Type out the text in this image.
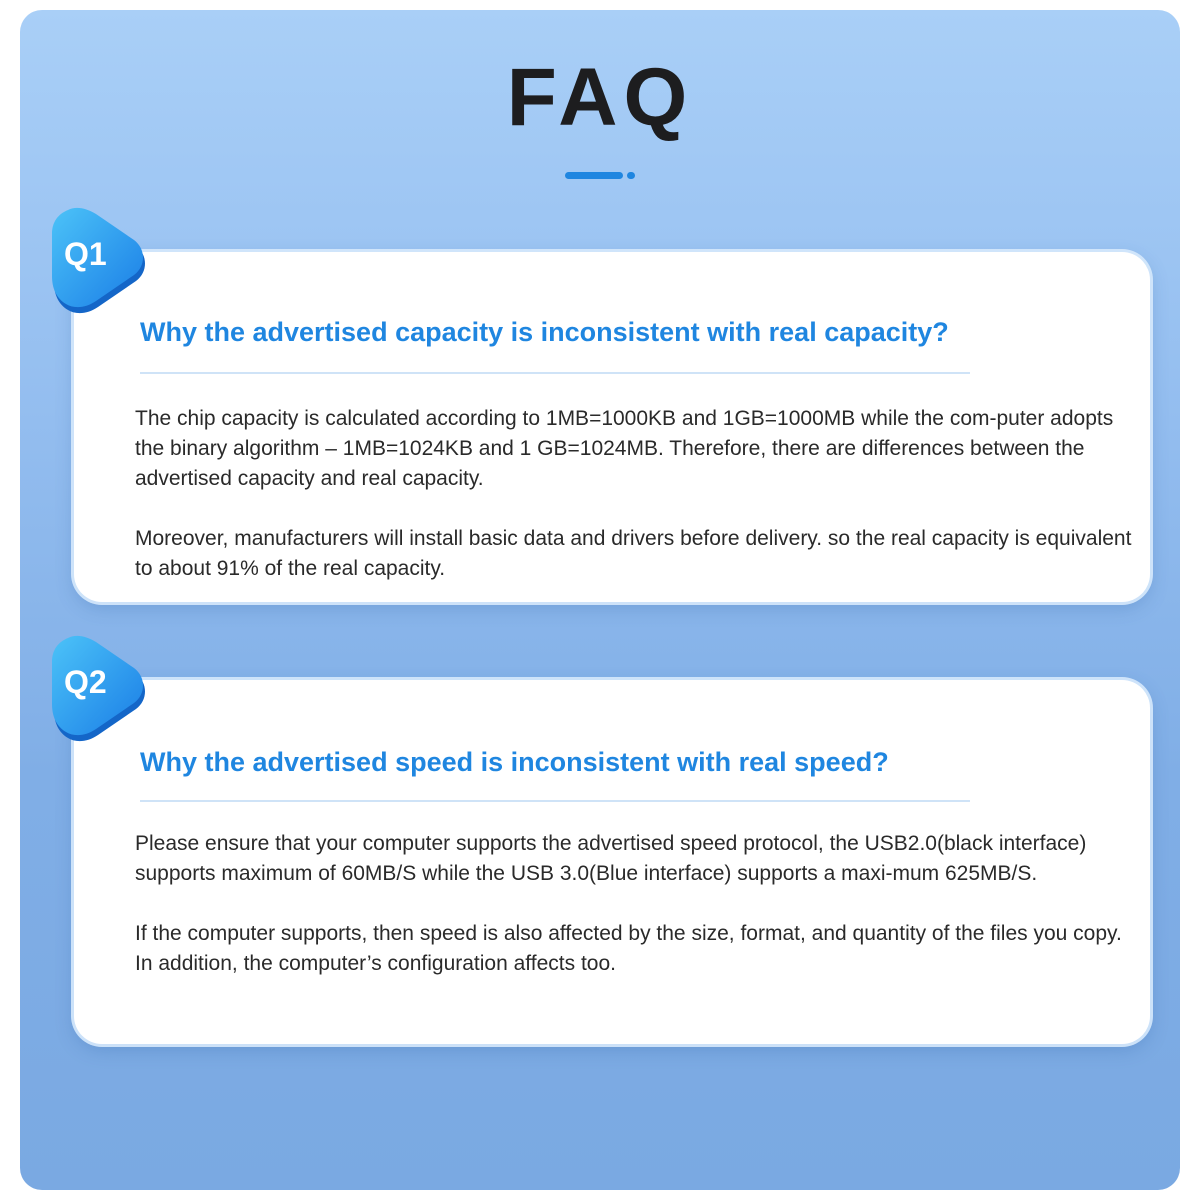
FAQ
Why the advertised capacity is inconsistent with real capacity?

The chip capacity is calculated according to 1MB=1000KB and 1GB=1000MB while the com-puter adopts the binary algorithm – 1MB=1024KB and 1 GB=1024MB. Therefore, there are differences between the advertised capacity and real capacity.

Moreover, manufacturers will install basic data and drivers before delivery. so the real capacity is equivalent to about 91% of the real capacity.

Why the advertised speed is inconsistent with real speed?

Please ensure that your computer supports the advertised speed protocol, the USB2.0(black interface) supports maximum of 60MB/S while the USB 3.0(Blue interface) supports a maxi-mum 625MB/S.

If the computer supports, then speed is also affected by the size, format, and quantity of the files you copy. In addition, the computer’s configuration affects too.

Q1
Q2
